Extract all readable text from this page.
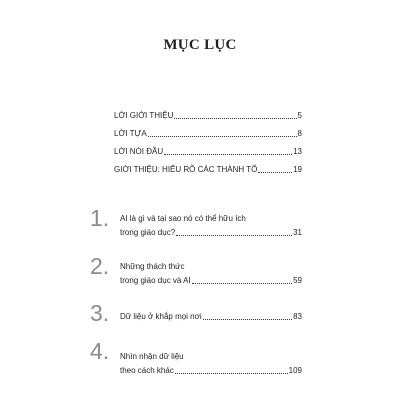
MỤC LỤC
LỜI GIỚI THIỆU	5
LỜI TỰA	8
LỜI NÓI ĐẦU	13
GIỚI THIỆU: HIỂU RÕ CÁC THÀNH TỐ	19
1. AI là gì và tại sao nó có thể hữu ích
trong giáo dục?	31
2. Những thách thức
trong giáo dục và AI	59
3. Dữ liệu ở khắp mọi nơi	83
4. Nhìn nhận dữ liệu
theo cách khác	109
